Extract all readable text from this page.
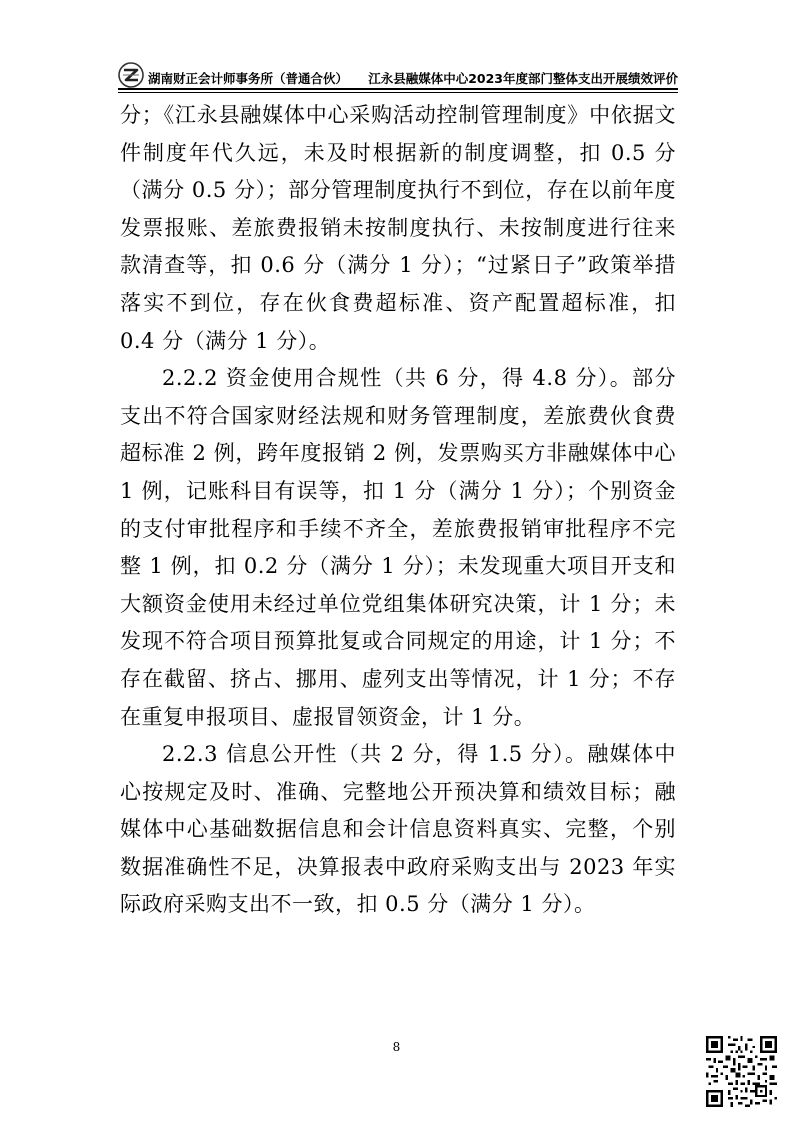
湖南财正会计师事务所（普通合伙） 江永县融媒体中心2023年度部门整体支出开展绩效评价

分；《江永县融媒体中心采购活动控制管理制度》中依据文件制度年代久远，未及时根据新的制度调整，扣 0.5 分（满分 0.5 分）；部分管理制度执行不到位，存在以前年度发票报账、差旅费报销未按制度执行、未按制度进行往来款清查等，扣 0.6 分（满分 1 分）；“过紧日子”政策举措落实不到位，存在伙食费超标准、资产配置超标准，扣 0.4 分（满分 1 分）。

2.2.2 资金使用合规性（共 6 分，得 4.8 分）。部分支出不符合国家财经法规和财务管理制度，差旅费伙食费超标准 2 例，跨年度报销 2 例，发票购买方非融媒体中心 1 例，记账科目有误等，扣 1 分（满分 1 分）；个别资金的支付审批程序和手续不齐全，差旅费报销审批程序不完整 1 例，扣 0.2 分（满分 1 分）；未发现重大项目开支和大额资金使用未经过单位党组集体研究决策，计 1 分；未发现不符合项目预算批复或合同规定的用途，计 1 分；不存在截留、挤占、挪用、虚列支出等情况，计 1 分；不存在重复申报项目、虚报冒领资金，计 1 分。

2.2.3 信息公开性（共 2 分，得 1.5 分）。融媒体中心按规定及时、准确、完整地公开预决算和绩效目标；融媒体中心基础数据信息和会计信息资料真实、完整，个别数据准确性不足，决算报表中政府采购支出与 2023 年实际政府采购支出不一致，扣 0.5 分（满分 1 分）。

8
